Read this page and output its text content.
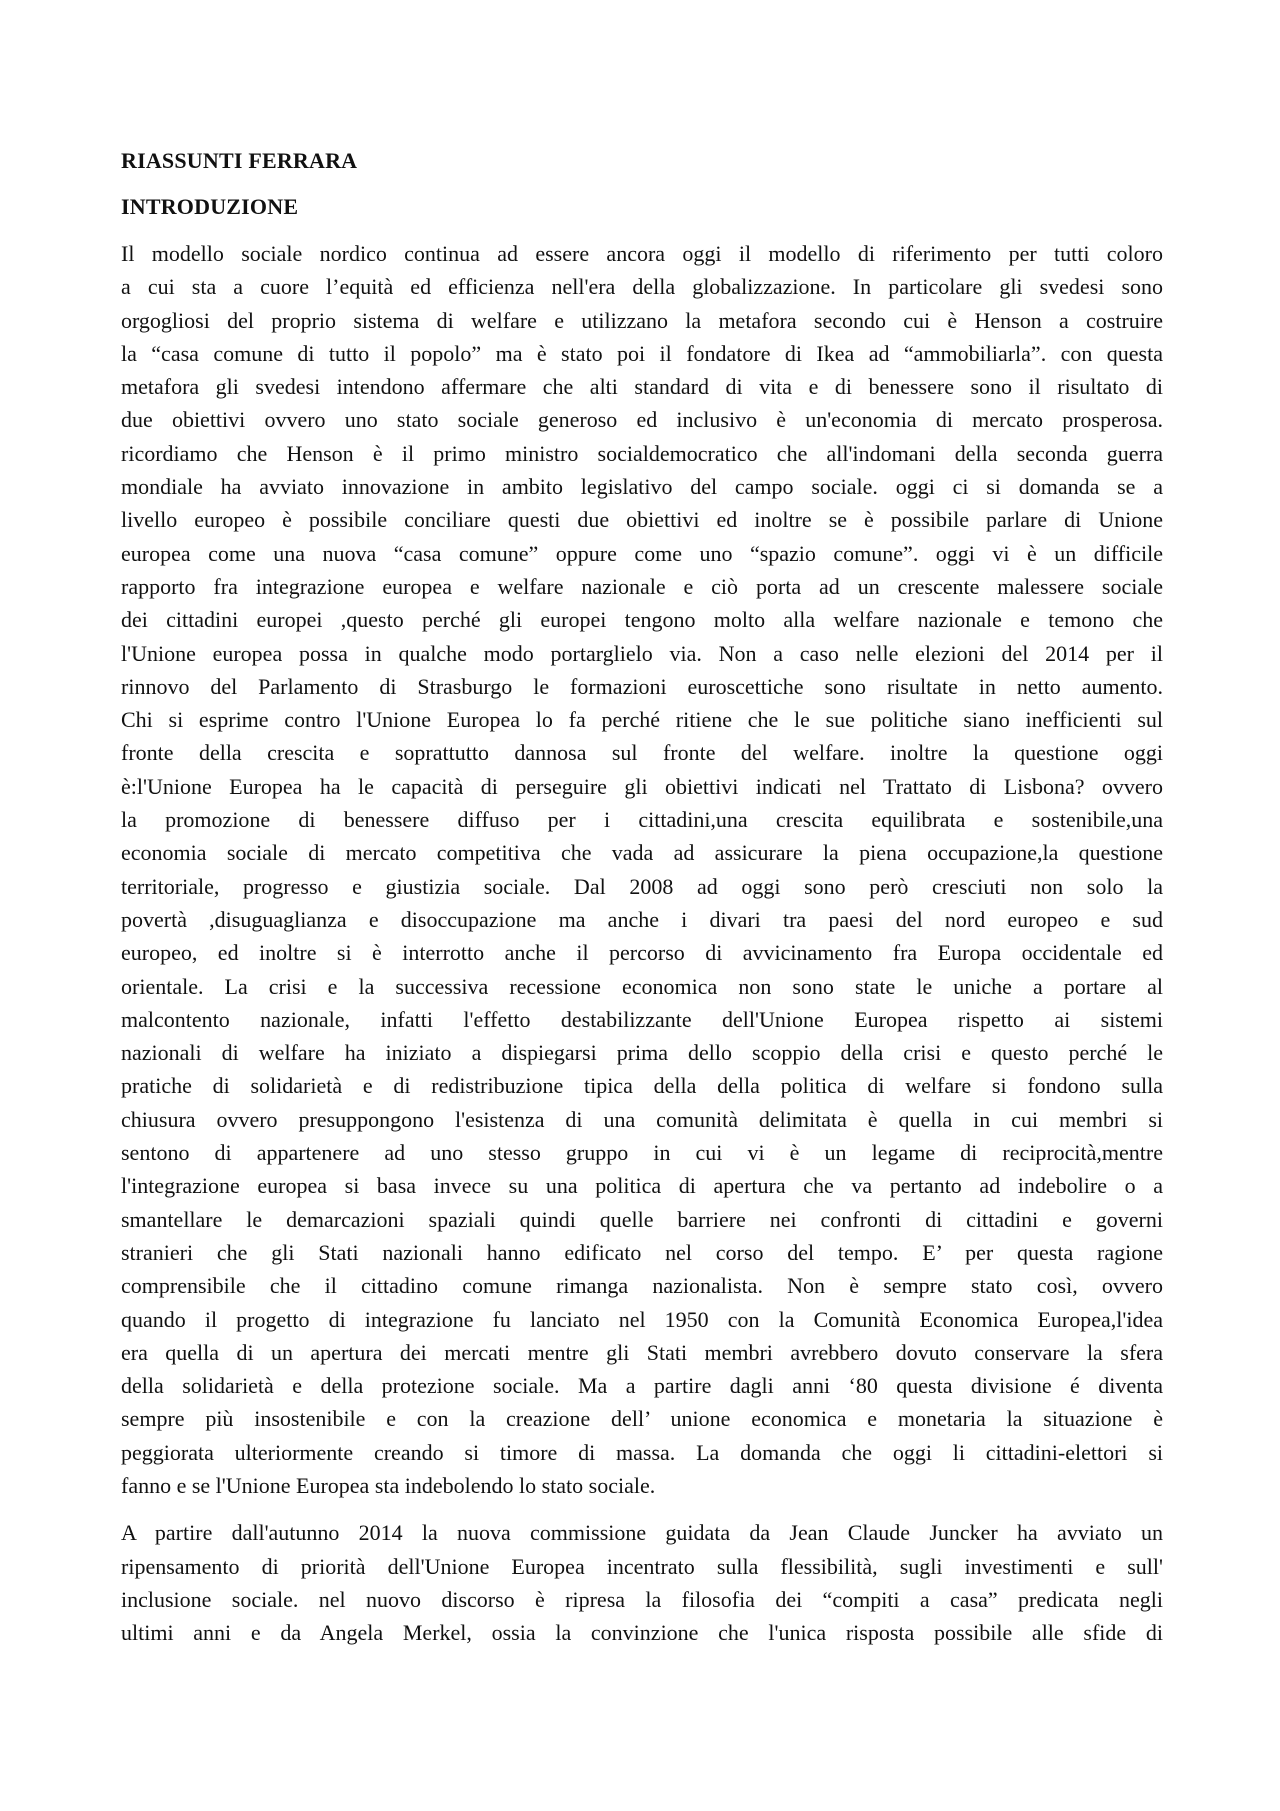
RIASSUNTI FERRARA
INTRODUZIONE
Il modello sociale nordico continua ad essere ancora oggi il modello di riferimento per tutti coloro
a cui sta a cuore l’equità ed efficienza nell'era della globalizzazione. In particolare gli svedesi sono
orgogliosi del proprio sistema di welfare e utilizzano la metafora secondo cui è Henson a costruire
la “casa comune di tutto il popolo” ma è stato poi il fondatore di Ikea ad “ammobiliarla”. con questa
metafora gli svedesi intendono affermare che alti standard di vita e di benessere sono il risultato di
due obiettivi ovvero uno stato sociale generoso ed inclusivo è un'economia di mercato prosperosa.
ricordiamo che Henson è il primo ministro socialdemocratico che all'indomani della seconda guerra
mondiale ha avviato innovazione in ambito legislativo del campo sociale. oggi ci si domanda se a
livello europeo è possibile conciliare questi due obiettivi ed inoltre se è possibile parlare di Unione
europea come una nuova “casa comune” oppure come uno “spazio comune”. oggi vi è un difficile
rapporto fra integrazione europea e welfare nazionale e ciò porta ad un crescente malessere sociale
dei cittadini europei ,questo perché gli europei tengono molto alla welfare nazionale e temono che
l'Unione europea possa in qualche modo portarglielo via. Non a caso nelle elezioni del 2014 per il
rinnovo del Parlamento di Strasburgo le formazioni euroscettiche sono risultate in netto aumento.
Chi si esprime contro l'Unione Europea lo fa perché ritiene che le sue politiche siano inefficienti sul
fronte della crescita e soprattutto dannosa sul fronte del welfare. inoltre la questione oggi
è:l'Unione Europea ha le capacità di perseguire gli obiettivi indicati nel Trattato di Lisbona? ovvero
la promozione di benessere diffuso per i cittadini,una crescita equilibrata e sostenibile,una
economia sociale di mercato competitiva che vada ad assicurare la piena occupazione,la questione
territoriale, progresso e giustizia sociale. Dal 2008 ad oggi sono però cresciuti non solo la
povertà ,disuguaglianza e disoccupazione ma anche i divari tra paesi del nord europeo e sud
europeo, ed inoltre si è interrotto anche il percorso di avvicinamento fra Europa occidentale ed
orientale. La crisi e la successiva recessione economica non sono state le uniche a portare al
malcontento nazionale, infatti l'effetto destabilizzante dell'Unione Europea rispetto ai sistemi
nazionali di welfare ha iniziato a dispiegarsi prima dello scoppio della crisi e questo perché le
pratiche di solidarietà e di redistribuzione tipica della della politica di welfare si fondono sulla
chiusura ovvero presuppongono l'esistenza di una comunità delimitata è quella in cui membri si
sentono di appartenere ad uno stesso gruppo in cui vi è un legame di reciprocità,mentre
l'integrazione europea si basa invece su una politica di apertura che va pertanto ad indebolire o a
smantellare le demarcazioni spaziali quindi quelle barriere nei confronti di cittadini e governi
stranieri che gli Stati nazionali hanno edificato nel corso del tempo. E’ per questa ragione
comprensibile che il cittadino comune rimanga nazionalista. Non è sempre stato così, ovvero
quando il progetto di integrazione fu lanciato nel 1950 con la Comunità Economica Europea,l'idea
era quella di un apertura dei mercati mentre gli Stati membri avrebbero dovuto conservare la sfera
della solidarietà e della protezione sociale. Ma a partire dagli anni ‘80 questa divisione é diventa
sempre più insostenibile e con la creazione dell’ unione economica e monetaria la situazione è
peggiorata ulteriormente creando si timore di massa. La domanda che oggi li cittadini-elettori si
fanno e se l'Unione Europea sta indebolendo lo stato sociale.
A partire dall'autunno 2014 la nuova commissione guidata da Jean Claude Juncker ha avviato un
ripensamento di priorità dell'Unione Europea incentrato sulla flessibilità, sugli investimenti e sull'
inclusione sociale. nel nuovo discorso è ripresa la filosofia dei “compiti a casa” predicata negli
ultimi anni e da Angela Merkel, ossia la convinzione che l'unica risposta possibile alle sfide di
